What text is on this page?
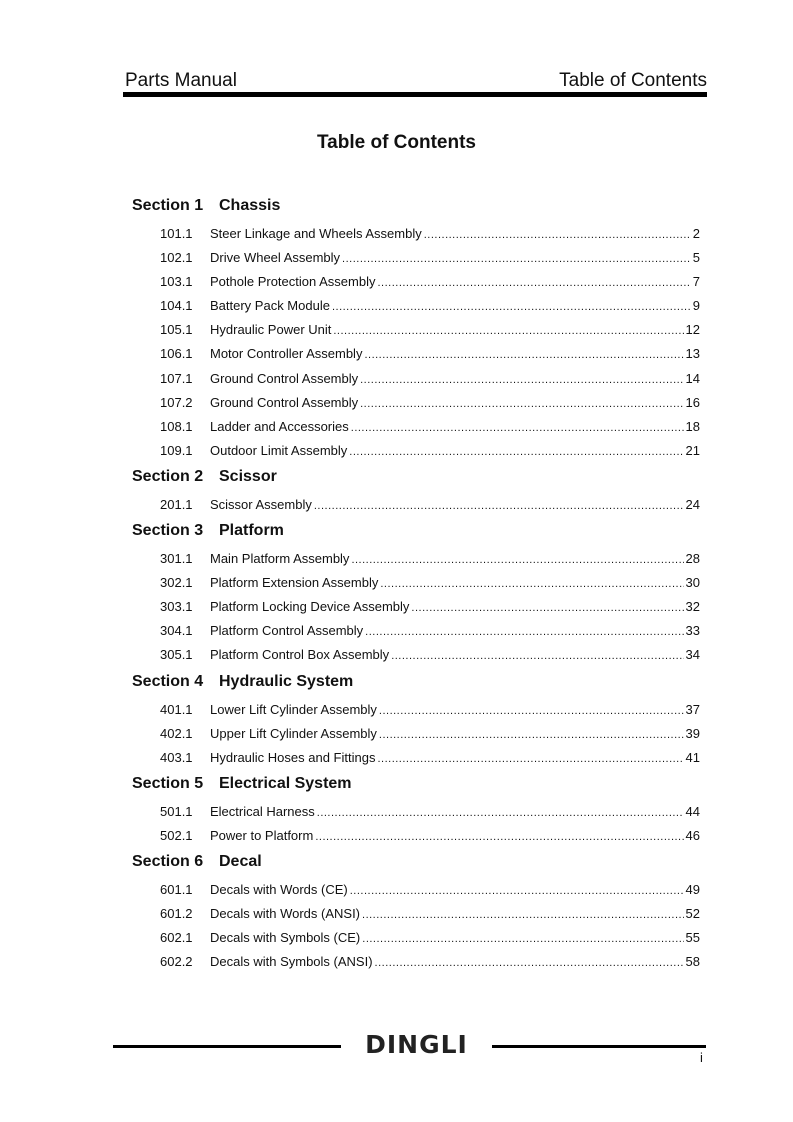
Parts Manual	Table of Contents
Table of Contents
Section 1 Chassis
101.1	Steer Linkage and Wheels Assembly .....	2
102.1	Drive Wheel Assembly .....	5
103.1	Pothole Protection Assembly .....	7
104.1	Battery Pack Module .....	9
105.1	Hydraulic Power Unit .....	12
106.1	Motor Controller Assembly .....	13
107.1	Ground Control Assembly .....	14
107.2	Ground Control Assembly .....	16
108.1	Ladder and Accessories .....	18
109.1	Outdoor Limit Assembly .....	21
Section 2 Scissor
201.1	Scissor Assembly .....	24
Section 3 Platform
301.1	Main Platform Assembly .....	28
302.1	Platform Extension Assembly .....	30
303.1	Platform Locking Device Assembly .....	32
304.1	Platform Control Assembly .....	33
305.1	Platform Control Box Assembly .....	34
Section 4 Hydraulic System
401.1	Lower Lift Cylinder Assembly .....	37
402.1	Upper Lift Cylinder Assembly .....	39
403.1	Hydraulic Hoses and Fittings .....	41
Section 5 Electrical System
501.1	Electrical Harness .....	44
502.1	Power to Platform .....	46
Section 6 Decal
601.1	Decals with Words (CE) .....	49
601.2	Decals with Words (ANSI) .....	52
602.1	Decals with Symbols (CE) .....	55
602.2	Decals with Symbols (ANSI) .....	58
DINGLI	i
